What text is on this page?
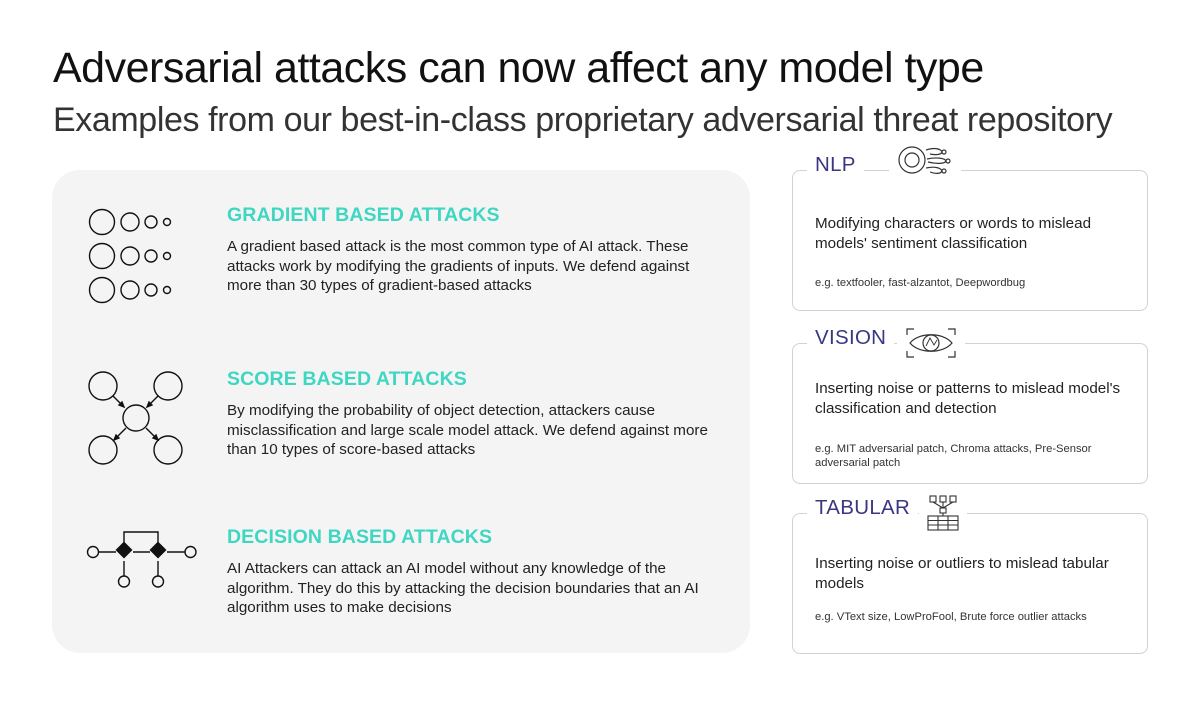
Adversarial attacks can now affect any model type
Examples from our best-in-class proprietary adversarial threat repository
GRADIENT BASED ATTACKS
A gradient based attack is the most common type of AI attack. These attacks work by modifying the gradients of inputs. We defend against more than 30 types of gradient-based attacks
SCORE BASED ATTACKS
By modifying the probability of object detection, attackers cause misclassification and large scale model attack. We defend against more than 10 types of score-based attacks
DECISION BASED ATTACKS
AI Attackers can attack an AI model without any knowledge of the algorithm. They do this by attacking the decision boundaries that an AI algorithm uses to make decisions
NLP
Modifying characters or words to mislead models' sentiment classification
e.g. textfooler, fast-alzantot, Deepwordbug
VISION
Inserting noise or patterns to mislead model's classification and detection
e.g. MIT adversarial patch, Chroma attacks, Pre-Sensor adversarial patch
TABULAR
Inserting noise or outliers to mislead tabular models
e.g. VText size, LowProFool, Brute force outlier attacks
